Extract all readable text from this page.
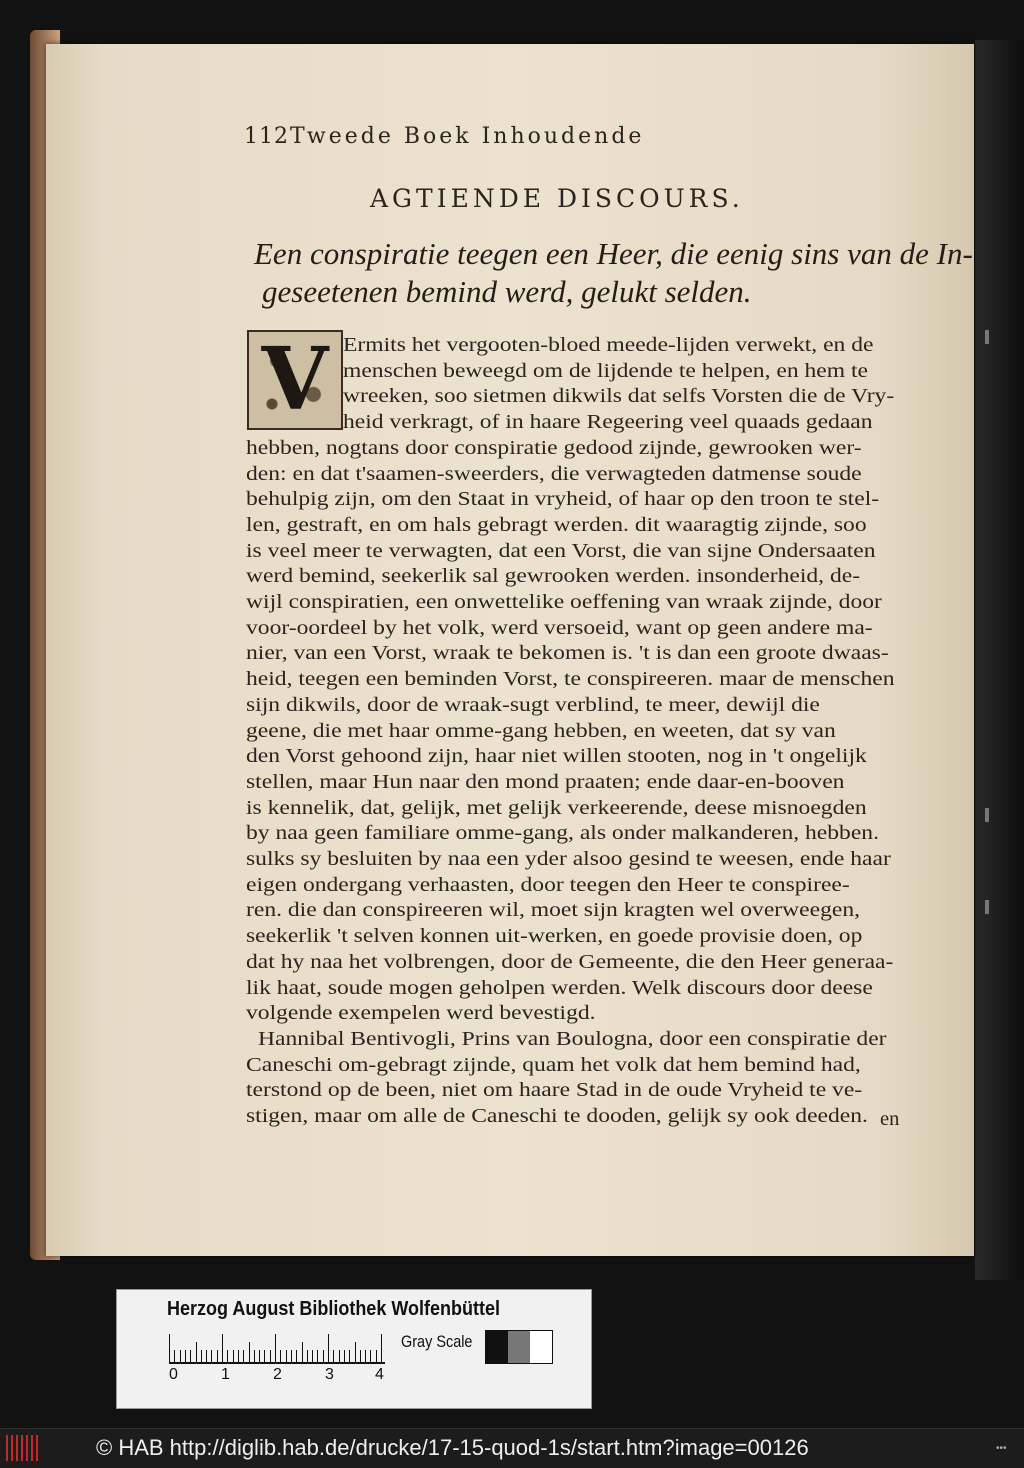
112 Tweede Boek Inhoudende
AGTIENDE DISCOURS.
Een conspiratie teegen een Heer, die eenig sins van de In-
geseetenen bemind werd, gelukt selden.
V Ermits het vergooten-bloed meede-lijden verwekt, en de
menschen beweegd om de lijdende te helpen, en hem te
wreeken, soo sietmen dikwils dat selfs Vorsten die de Vry-
heid verkragt, of in haare Regeering veel quaads gedaan
hebben, nogtans door conspiratie gedood zijnde, gewrooken wer-
den: en dat t'saamen-sweerders, die verwagteden datmense soude
behulpig zijn, om den Staat in vryheid, of haar op den troon te stel-
len, gestraft, en om hals gebragt werden. dit waaragtig zijnde, soo
is veel meer te verwagten, dat een Vorst, die van sijne Ondersaaten
werd bemind, seekerlik sal gewrooken werden. insonderheid, de-
wijl conspiratien, een onwettelike oeffening van wraak zijnde, door
voor-oordeel by het volk, werd versoeid, want op geen andere ma-
nier, van een Vorst, wraak te bekomen is. 't is dan een groote dwaas-
heid, teegen een beminden Vorst, te conspireeren. maar de menschen
sijn dikwils, door de wraak-sugt verblind, te meer, dewijl die
geene, die met haar omme-gang hebben, en weeten, dat sy van
den Vorst gehoond zijn, haar niet willen stooten, nog in 't ongelijk
stellen, maar Hun naar den mond praaten; ende daar-en-booven
is kennelik, dat, gelijk, met gelijk verkeerende, deese misnoegden
by naa geen familiare omme-gang, als onder malkanderen, hebben.
sulks sy besluiten by naa een yder alsoo gesind te weesen, ende haar
eigen ondergang verhaasten, door teegen den Heer te conspiree-
ren. die dan conspireeren wil, moet sijn kragten wel overweegen,
seekerlik 't selven konnen uit-werken, en goede provisie doen, op
dat hy naa het volbrengen, door de Gemeente, die den Heer generaa-
lik haat, soude mogen geholpen werden. Welk discours door deese
volgende exempelen werd bevestigd.
Hannibal Bentivogli, Prins van Boulogna, door een conspiratie der
Caneschi om-gebragt zijnde, quam het volk dat hem bemind had,
terstond op de been, niet om haare Stad in de oude Vryheid te ve-
stigen, maar om alle de Caneschi te dooden, gelijk sy ook deeden. en
Herzog August Bibliothek Wolfenbüttel
0	1	2	3	4
Gray Scale
© HAB http://diglib.hab.de/drucke/17-15-quod-1s/start.htm?image=00126	•••
